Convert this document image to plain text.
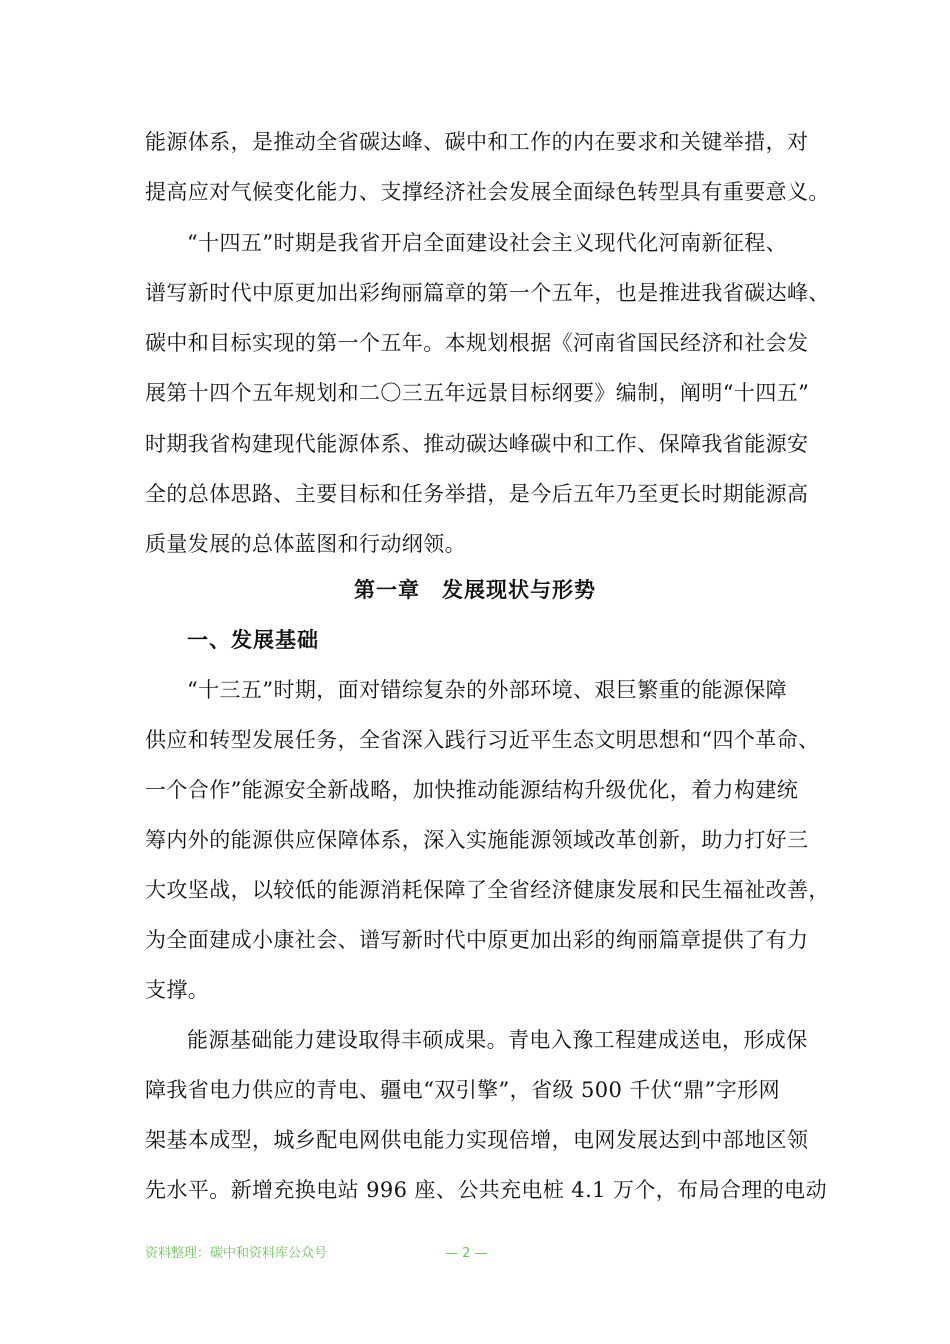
能源体系，是推动全省碳达峰、碳中和工作的内在要求和关键举措，对
提高应对气候变化能力、支撑经济社会发展全面绿色转型具有重要意义。
“十四五”时期是我省开启全面建设社会主义现代化河南新征程、
谱写新时代中原更加出彩绚丽篇章的第一个五年，也是推进我省碳达峰、
碳中和目标实现的第一个五年。本规划根据《河南省国民经济和社会发
展第十四个五年规划和二〇三五年远景目标纲要》编制，阐明“十四五”
时期我省构建现代能源体系、推动碳达峰碳中和工作、保障我省能源安
全的总体思路、主要目标和任务举措，是今后五年乃至更长时期能源高
质量发展的总体蓝图和行动纲领。
第一章　发展现状与形势
一、发展基础
“十三五”时期，面对错综复杂的外部环境、艰巨繁重的能源保障
供应和转型发展任务，全省深入践行习近平生态文明思想和“四个革命、
一个合作”能源安全新战略，加快推动能源结构升级优化，着力构建统
筹内外的能源供应保障体系，深入实施能源领域改革创新，助力打好三
大攻坚战，以较低的能源消耗保障了全省经济健康发展和民生福祉改善，
为全面建成小康社会、谱写新时代中原更加出彩的绚丽篇章提供了有力
支撑。
能源基础能力建设取得丰硕成果。青电入豫工程建成送电，形成保
障我省电力供应的青电、疆电“双引擎”，省级 500 千伏“鼎”字形网
架基本成型，城乡配电网供电能力实现倍增，电网发展达到中部地区领
先水平。新增充换电站 996 座、公共充电桩 4.1 万个，布局合理的电动
资料整理：碳中和资料库公众号	— 2 —
